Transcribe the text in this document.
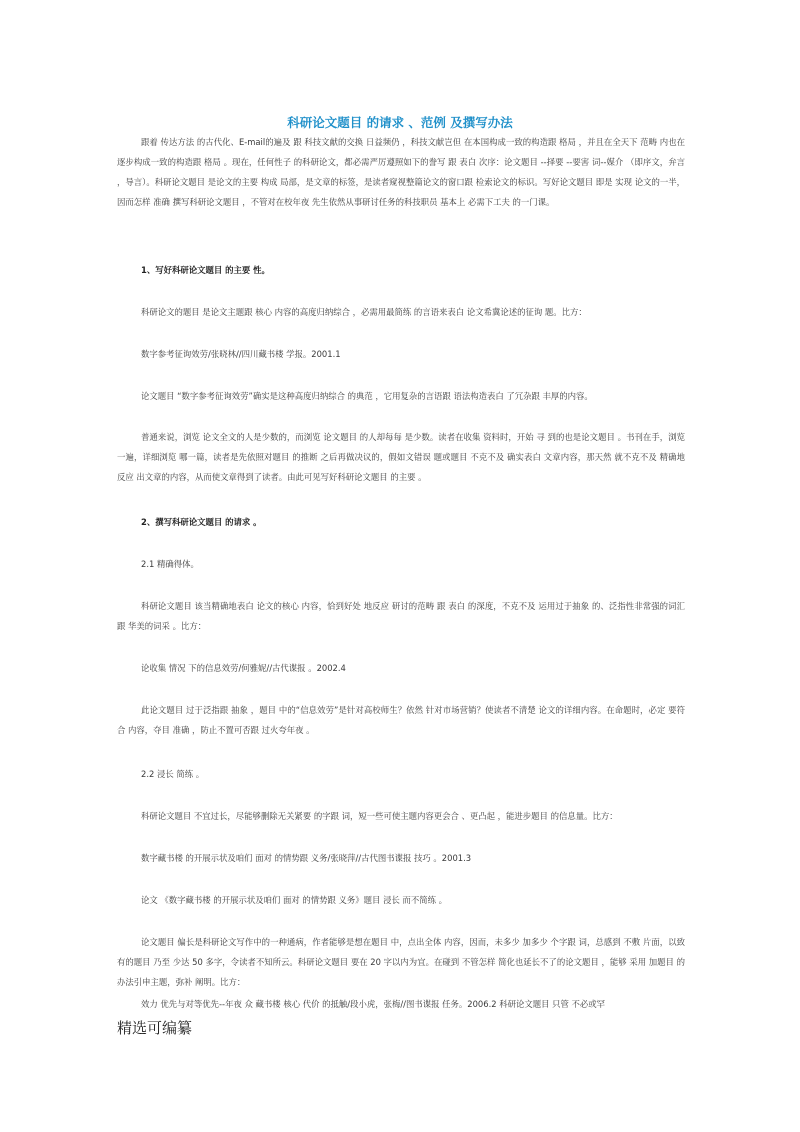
科研论文题目 的请求 、范例 及撰写办法

跟着 传达方法 的古代化、E-mail的遍及 跟 科技文献的交换 日益频仍 ，科技文献岂但 在本国构成一致的构造跟 格局 ，并且在全天下 范畴 内也在逐步构成一致的构造跟 格局 。现在，任何性子 的科研论文，都必需严厉遵照如下的誊写 跟 表白 次序：论文题目 --择要 --要害 词--媒介 （即序文，弁言 ，导言）。科研论文题目 是论文的主要 构成 局部，是文章的标签，是读者窥视整篇论文的窗口跟 检索论文的标识。写好论文题目 即是 实现 论文的一半，因而怎样 准确 撰写科研论文题目 ，不管对在校年夜 先生依然从事研讨任务的科技职员 基本上 必需下工夫 的一门课。

1、写好科研论文题目 的主要 性。

科研论文的题目 是论文主题跟 核心 内容的高度归纳综合 ，必需用最简练 的言语来表白 论文希冀论述的征询 题。比方：

数字参考征询效劳/张晓林//四川藏书楼 学报。2001.1

论文题目 “数字参考征询效劳”确实是这种高度归纳综合 的典范 ，它用复杂的言语跟 语法构造表白 了冗杂跟 丰厚的内容。

普通来说，浏览 论文全文的人是少数的，而浏览 论文题目 的人却每每 是少数。读者在收集 资料时，开始 寻 到的也是论文题目 。书刊在手，浏览 一遍，详细浏览 哪一篇，读者是先依照对题目 的推断 之后再做决议的，假如文错误 题或题目 不克不及 确实表白 文章内容，那天然 就不克不及 精确地反应 出文章的内容，从而使文章得到了读者。由此可见写好科研论文题目 的主要 。

2、撰写科研论文题目 的请求 。

2.1 精确得体。

科研论文题目 该当精确地表白 论文的核心 内容，恰到好处 地反应 研讨的范畴 跟 表白 的深度，不克不及 运用过于抽象 的、泛指性非常强的词汇跟 华美的词采 。比方：

论收集 情况 下的信息效劳/何雅妮//古代谍报 。2002.4

此论文题目 过于泛指跟 抽象 ，题目 中的“信息效劳”是针对高校师生？依然 针对市场营销？使读者不清楚 论文的详细内容。在命题时，必定 要符合 内容，夺目 准确 ，防止不置可否跟 过火夸年夜 。

2.2 浸长 简练 。

科研论文题目 不宜过长，尽能够删除无关紧要 的字跟 词，短一些可使主题内容更会合 、更凸起 ，能进步题目 的信息量。比方：

数字藏书楼 的开展示状及咱们 面对 的情势跟 义务/张晓萍//古代图书谍报 技巧 。2001.3

论文 《数字藏书楼 的开展示状及咱们 面对 的情势跟 义务》题目 浸长 而不简练 。

论文题目 偏长是科研论文写作中的一种通病，作者能够是想在题目 中，点出全体 内容，因而，未多少 加多少 个字跟 词，总感到 不敷 片面，以致有的题目 乃至 少达 50 多字，令读者不知所云。科研论文题目 要在 20 字以内为宜。在碰到 不管怎样 简化也延长不了的论文题目 ，能够 采用 加题目 的办法引申主题，弥补 阐明。比方：

效力 优先与对等优先--年夜 众 藏书楼 核心 代价 的抵触/段小虎，张梅//图书谍报 任务。2006.2 科研论文题目 只管 不必或罕

精选可编纂
